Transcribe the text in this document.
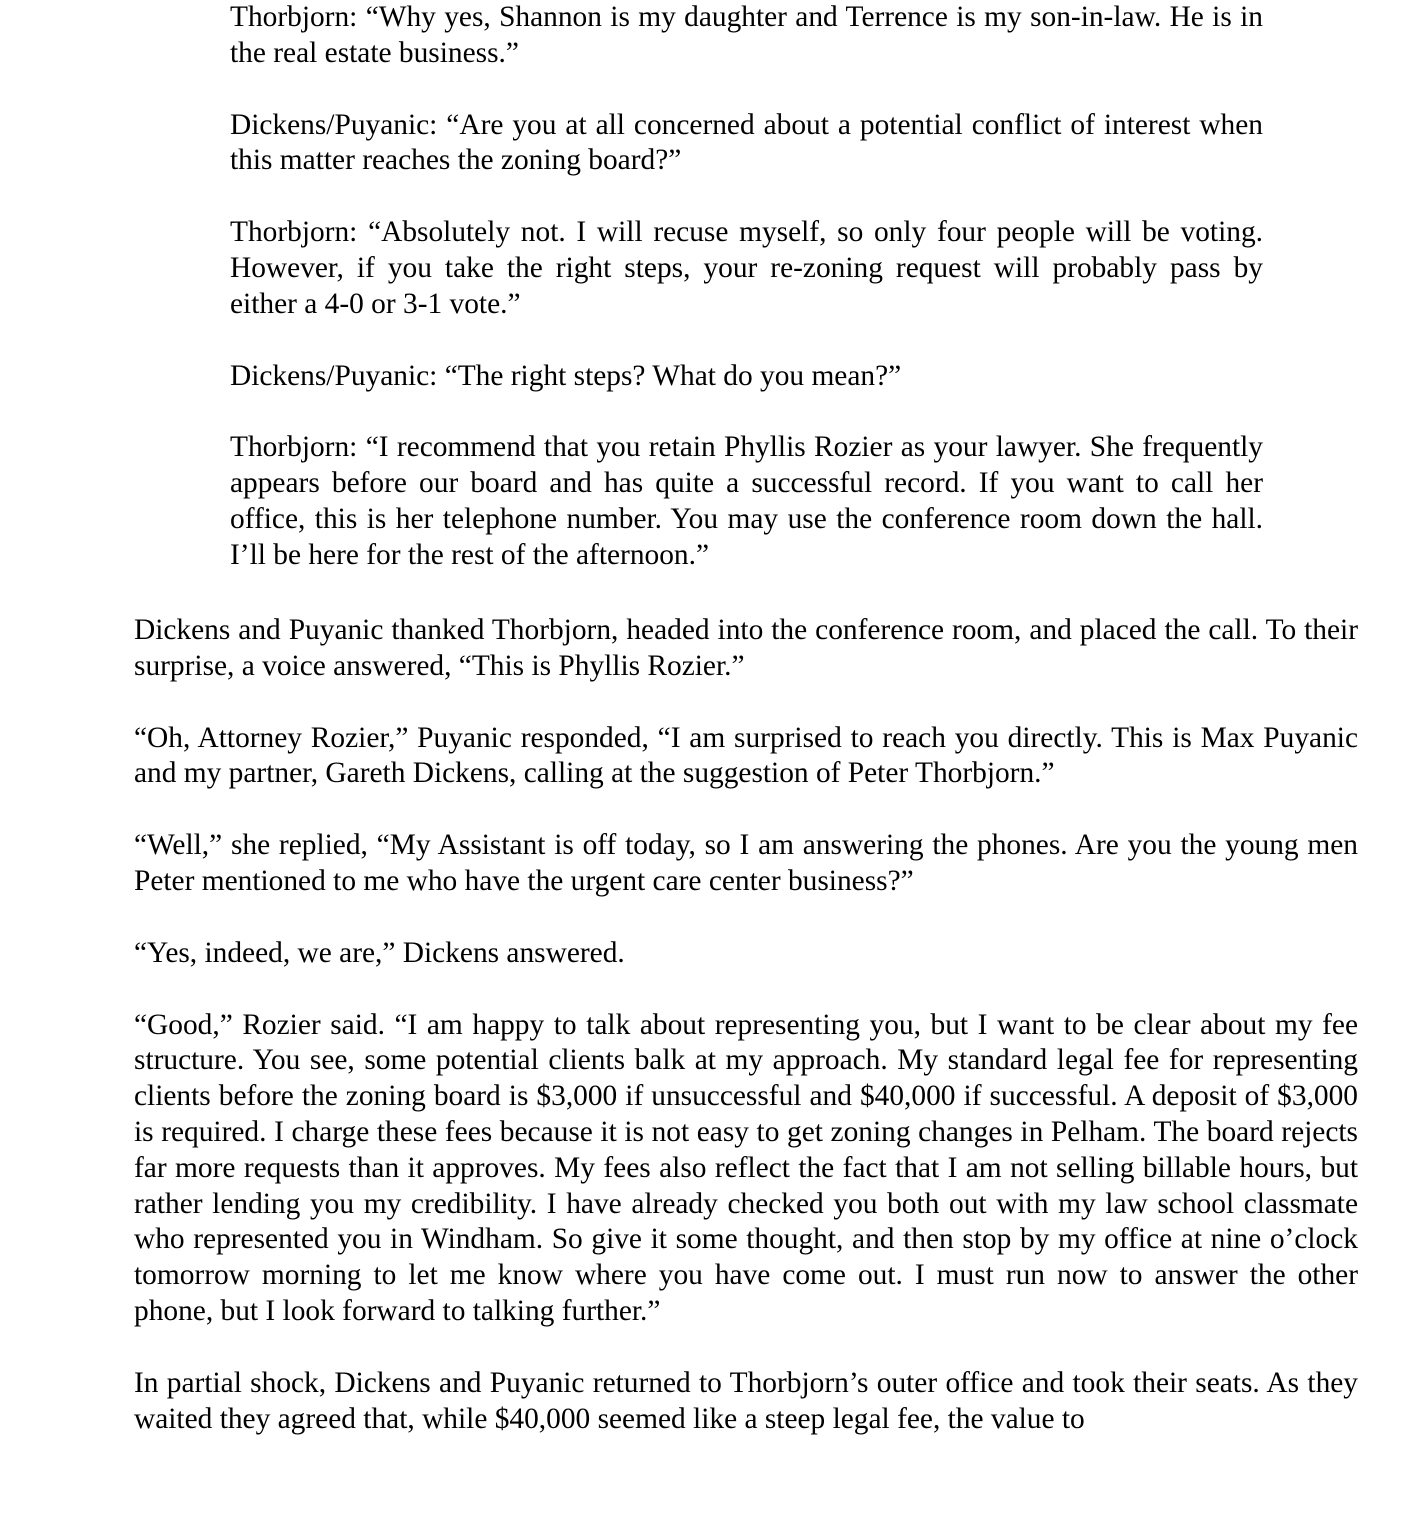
Thorbjorn: “Why yes, Shannon is my daughter and Terrence is my son-in-law. He is in the real estate business.”

Dickens/Puyanic: “Are you at all concerned about a potential conflict of interest when this matter reaches the zoning board?”

Thorbjorn: “Absolutely not. I will recuse myself, so only four people will be voting. However, if you take the right steps, your re-zoning request will probably pass by either a 4-0 or 3-1 vote.”

Dickens/Puyanic: “The right steps? What do you mean?”

Thorbjorn: “I recommend that you retain Phyllis Rozier as your lawyer. She frequently appears before our board and has quite a successful record. If you want to call her office, this is her telephone number. You may use the conference room down the hall. I’ll be here for the rest of the afternoon.”

Dickens and Puyanic thanked Thorbjorn, headed into the conference room, and placed the call. To their surprise, a voice answered, “This is Phyllis Rozier.”

“Oh, Attorney Rozier,” Puyanic responded, “I am surprised to reach you directly. This is Max Puyanic and my partner, Gareth Dickens, calling at the suggestion of Peter Thorbjorn.”

“Well,” she replied, “My Assistant is off today, so I am answering the phones. Are you the young men Peter mentioned to me who have the urgent care center business?”

“Yes, indeed, we are,” Dickens answered.

“Good,” Rozier said. “I am happy to talk about representing you, but I want to be clear about my fee structure. You see, some potential clients balk at my approach. My standard legal fee for representing clients before the zoning board is $3,000 if unsuccessful and $40,000 if successful. A deposit of $3,000 is required. I charge these fees because it is not easy to get zoning changes in Pelham. The board rejects far more requests than it approves. My fees also reflect the fact that I am not selling billable hours, but rather lending you my credibility. I have already checked you both out with my law school classmate who represented you in Windham. So give it some thought, and then stop by my office at nine o’clock tomorrow morning to let me know where you have come out. I must run now to answer the other phone, but I look forward to talking further.”

In partial shock, Dickens and Puyanic returned to Thorbjorn’s outer office and took their seats. As they waited they agreed that, while $40,000 seemed like a steep legal fee, the value to
